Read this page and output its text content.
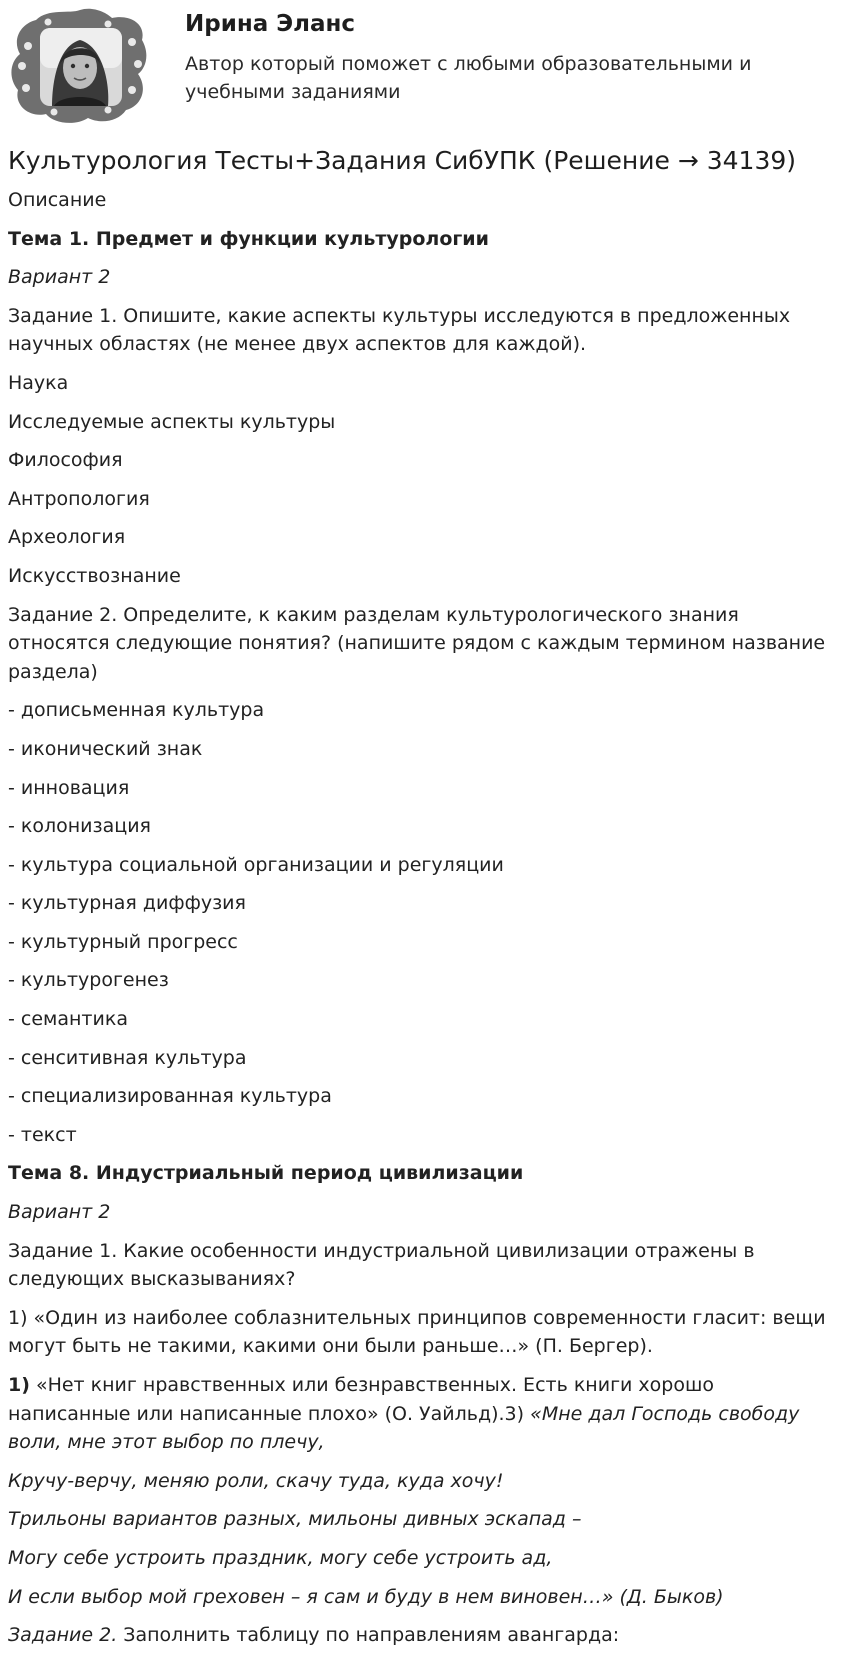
Ирина Эланс
Автор который поможет с любыми образовательными и учебными заданиями
Культурология Тесты+Задания СибУПК (Решение → 34139)

Описание

Тема 1. Предмет и функции культурологии

Вариант 2

Задание 1. Опишите, какие аспекты культуры исследуются в предложенных научных областях (не менее двух аспектов для каждой).

Наука

Исследуемые аспекты культуры

Философия

Антропология

Археология

Искусствознание

Задание 2. Определите, к каким разделам культурологического знания относятся следующие понятия? (напишите рядом с каждым термином название раздела)

- дописьменная культура

- иконический знак

- инновация

- колонизация

- культура социальной организации и регуляции

- культурная диффузия

- культурный прогресс

- культурогенез

- семантика

- сенситивная культура

- специализированная культура

- текст

Тема 8. Индустриальный период цивилизации

Вариант 2

Задание 1. Какие особенности индустриальной цивилизации отражены в следующих высказываниях?

1) «Один из наиболее соблазнительных принципов современности гласит: вещи могут быть не такими, какими они были раньше…» (П. Бергер).

1) «Нет книг нравственных или безнравственных. Есть книги хорошо написанные или написанные плохо» (О. Уайльд).3) «Мне дал Господь свободу воли, мне этот выбор по плечу,

Кручу-верчу, меняю роли, скачу туда, куда хочу!

Трильоны вариантов разных, мильоны дивных эскапад –

Могу себе устроить праздник, могу себе устроить ад,

И если выбор мой греховен – я сам и буду в нем виновен…» (Д. Быков)

Задание 2. Заполнить таблицу по направлениям авангарда:
